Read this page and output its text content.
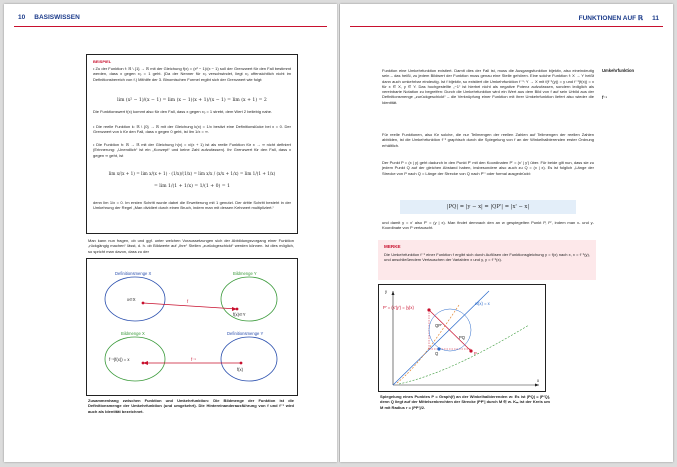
10 BASISWISSEN
BEISPIEL
• Zu der Funktion f: ℝ \ {1} → ℝ mit der Gleichung f(x) = (x² − 1)/(x − 1) soll der Grenzwert für den Fall bestimmt werden, dass x gegen x₀ = 1 geht. (Da der Nenner für x₀ verschwindet, liegt x₀ offensichtlich nicht im Definitionsbereich von f.) Mithilfe der 3. Binomischen Formel ergibt sich der Grenzwert wie folgt:
lim (x² − 1)/(x − 1) = lim (x − 1)(x + 1)/(x − 1) = lim (x + 1) = 2
Die Funktionswert f(x) kommt also für den Fall, dass x gegen x₀ = 1 strebt, dem Wert 2 beliebig nahe.
• Die reelle Funktion k: ℝ \ {0} → ℝ mit der Gleichung k(x) = 1/x besitzt eine Definitionslücke bei x = 0. Der Grenzwert von k für den Fall, dass x gegen 0 geht, ist lim 1/x = ∞.
• Die Funktion h: ℝ → ℝ mit der Gleichung h(x) = x/(x + 1) ist als reelle Funktion für x → ∞ nicht definiert (Erinnerung: „Unendlich“ ist ein „Konzept“ und keine Zahl aufzufassen). Ihr Grenzwert für den Fall, dass x gegen ∞ geht, ist
lim x/(x + 1) = lim x/(x + 1) · (1/x)/(1/x) = lim x/x / (x/x + 1/x) = lim 1/(1 + 1/x)
= lim 1/(1 + 1/x) = 1/(1 + 0) = 1
denn lim 1/x = 0. Im ersten Schritt wurde dabei die Erweiterung mit 1 genutzt. Der dritte Schritt besteht in der Umkehrung der Regel „Man dividiert durch einen Bruch, indem man mit dessen Kehrwert multipliziert.“
Man kann nun fragen, ob und ggf. unter welchen Voraussetzungen sich der Abbildungsvorgang einer Funktion „rückgängig machen“ lässt, d. h. ob Bildwerte auf „ihre“ Stellen „zurückgeschickt“ werden können. Ist dies möglich, so spricht man davon, dass zu der
Definitionsmenge X	Bildmenge Y
x∈X
f(x)∈Y
f
Bildmenge X	Definitionsmenge Y
f⁻¹(f(x)) = x	f⁻¹
f(x)
Zusammenhang zwischen Funktion und Umkehrfunktion: Die Bildmenge der Funktion ist die Definitionsmenge der Umkehrfunktion (und umgekehrt). Die Hintereinanderausführung von f und f⁻¹ wird auch als Identität bezeichnet.
FUNKTIONEN AUF ℝ 11
Funktion eine Umkehrfunktion existiert. Damit dies der Fall ist, muss die Ausgangsfunktion bijektiv, also eineindeutig sein – das heißt, zu jedem Bildwert der Funktion muss genau eine Stelle gehören. Eine solche Funktion f: X → Y heißt dann auch umkehrbar eindeutig. Ist f bijektiv, so existiert die Umkehrfunktion f⁻¹: Y → X mit f(f⁻¹(y)) = y und f⁻¹(f(x)) = x für x ∈ X, y ∈ Y. Das hochgestellte „−1“ ist hierbei nicht als negative Potenz aufzufassen, sondern lediglich als vereinbarte Notation zu begreifen: Durch die Umkehrfunktion wird ein Wert aus dem Bild von f auf sein Urbild aus der Definitionsmenge „zurückgeschickt“ – die Verknüpfung einer Funktion mit ihrer Umkehrfunktion liefert also wieder die Identität.
Umkehrfunktion
f⁻¹
Für reelle Funktionen, also für solche, die nur Teilmengen der reellen Zahlen auf Teilmengen der reellen Zahlen abbilden, ist die Umkehrfunktion f⁻¹ graphisch durch die Spiegelung von f an der Winkelhalbierenden erster Ordnung erhältlich.
Der Punkt P = (x | y) geht dadurch in den Punkt P' mit den Koordinaten P' = (x' | y') über. Für beide gilt nun, dass sie zu jedem Punkt Q auf der gleichen Abstand haben, insbesondere also auch zu Q = (x | x). Es ist folglich „Länge der Strecke von P nach Q = Länge der Strecke von Q nach P'“ oder formal ausgedrückt:
|PQ| = |y − x| = |QP'| = |x' − x|
und damit y = x' also P' = (y | x). Man findet demnach den an w gespiegelten Punkt P, P', indem man x- und y-Koordinate von P vertauscht.
MERKE
Die Umkehrfunktion f⁻¹ einer Funktion f ergibt sich durch Auflösen der Funktionsgleichung y = f(x) nach x, x = f⁻¹(y), und anschließendem Vertauschen der Variablen x und y, y = f⁻¹(x).
y
x
w(x) = x
P' = (x'|y') = (y|x)
Q	P
PQ
QP'
Spiegelung eines Punktes P = Graph(f) an der Winkelhalbierenden w: Es ist |PQ| = |P'Q|, denn Q liegt auf der Mittelsenkrechten der Strecke |PP'| durch M ∈ w. Kₘ ist der Kreis um M mit Radius r = |PP'|/2.
